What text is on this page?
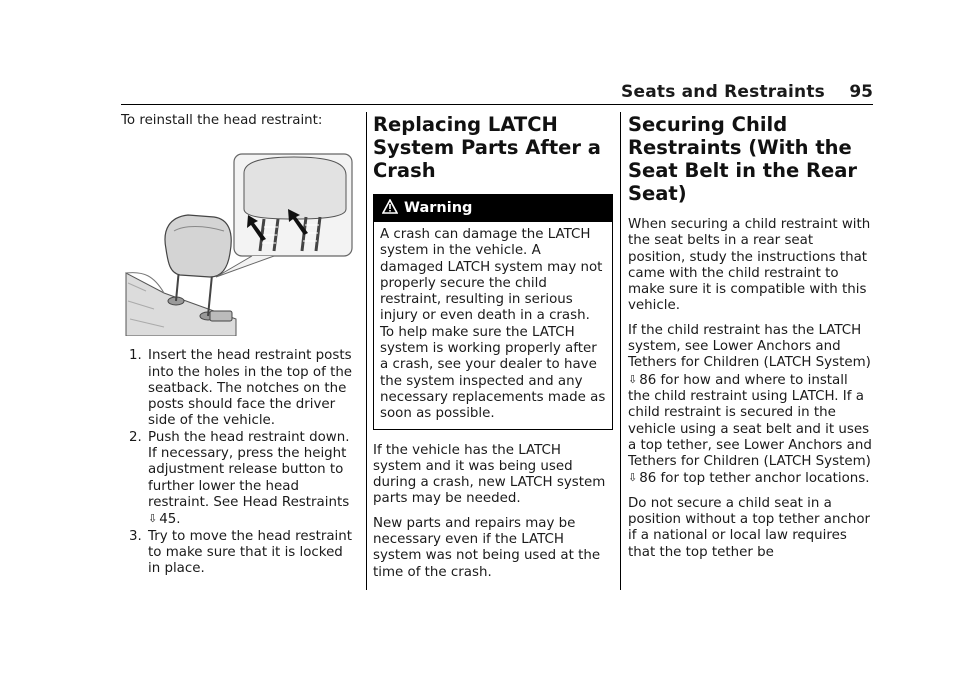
Seats and Restraints 95

To reinstall the head restraint:

1. Insert the head restraint posts into the holes in the top of the seatback. The notches on the posts should face the driver side of the vehicle.
2. Push the head restraint down. If necessary, press the height adjustment release button to further lower the head restraint. See Head Restraints ⇩ 45.
3. Try to move the head restraint to make sure that it is locked in place.
Replacing LATCH System Parts After a Crash
Warning
A crash can damage the LATCH system in the vehicle. A damaged LATCH system may not properly secure the child restraint, resulting in serious injury or even death in a crash. To help make sure the LATCH system is working properly after a crash, see your dealer to have the system inspected and any necessary replacements made as soon as possible.

If the vehicle has the LATCH system and it was being used during a crash, new LATCH system parts may be needed.

New parts and repairs may be necessary even if the LATCH system was not being used at the time of the crash.

Securing Child Restraints (With the Seat Belt in the Rear Seat)

When securing a child restraint with the seat belts in a rear seat position, study the instructions that came with the child restraint to make sure it is compatible with this vehicle.

If the child restraint has the LATCH system, see Lower Anchors and Tethers for Children (LATCH System) ⇩ 86 for how and where to install the child restraint using LATCH. If a child restraint is secured in the vehicle using a seat belt and it uses a top tether, see Lower Anchors and Tethers for Children (LATCH System) ⇩ 86 for top tether anchor locations.

Do not secure a child seat in a position without a top tether anchor if a national or local law requires that the top tether be
